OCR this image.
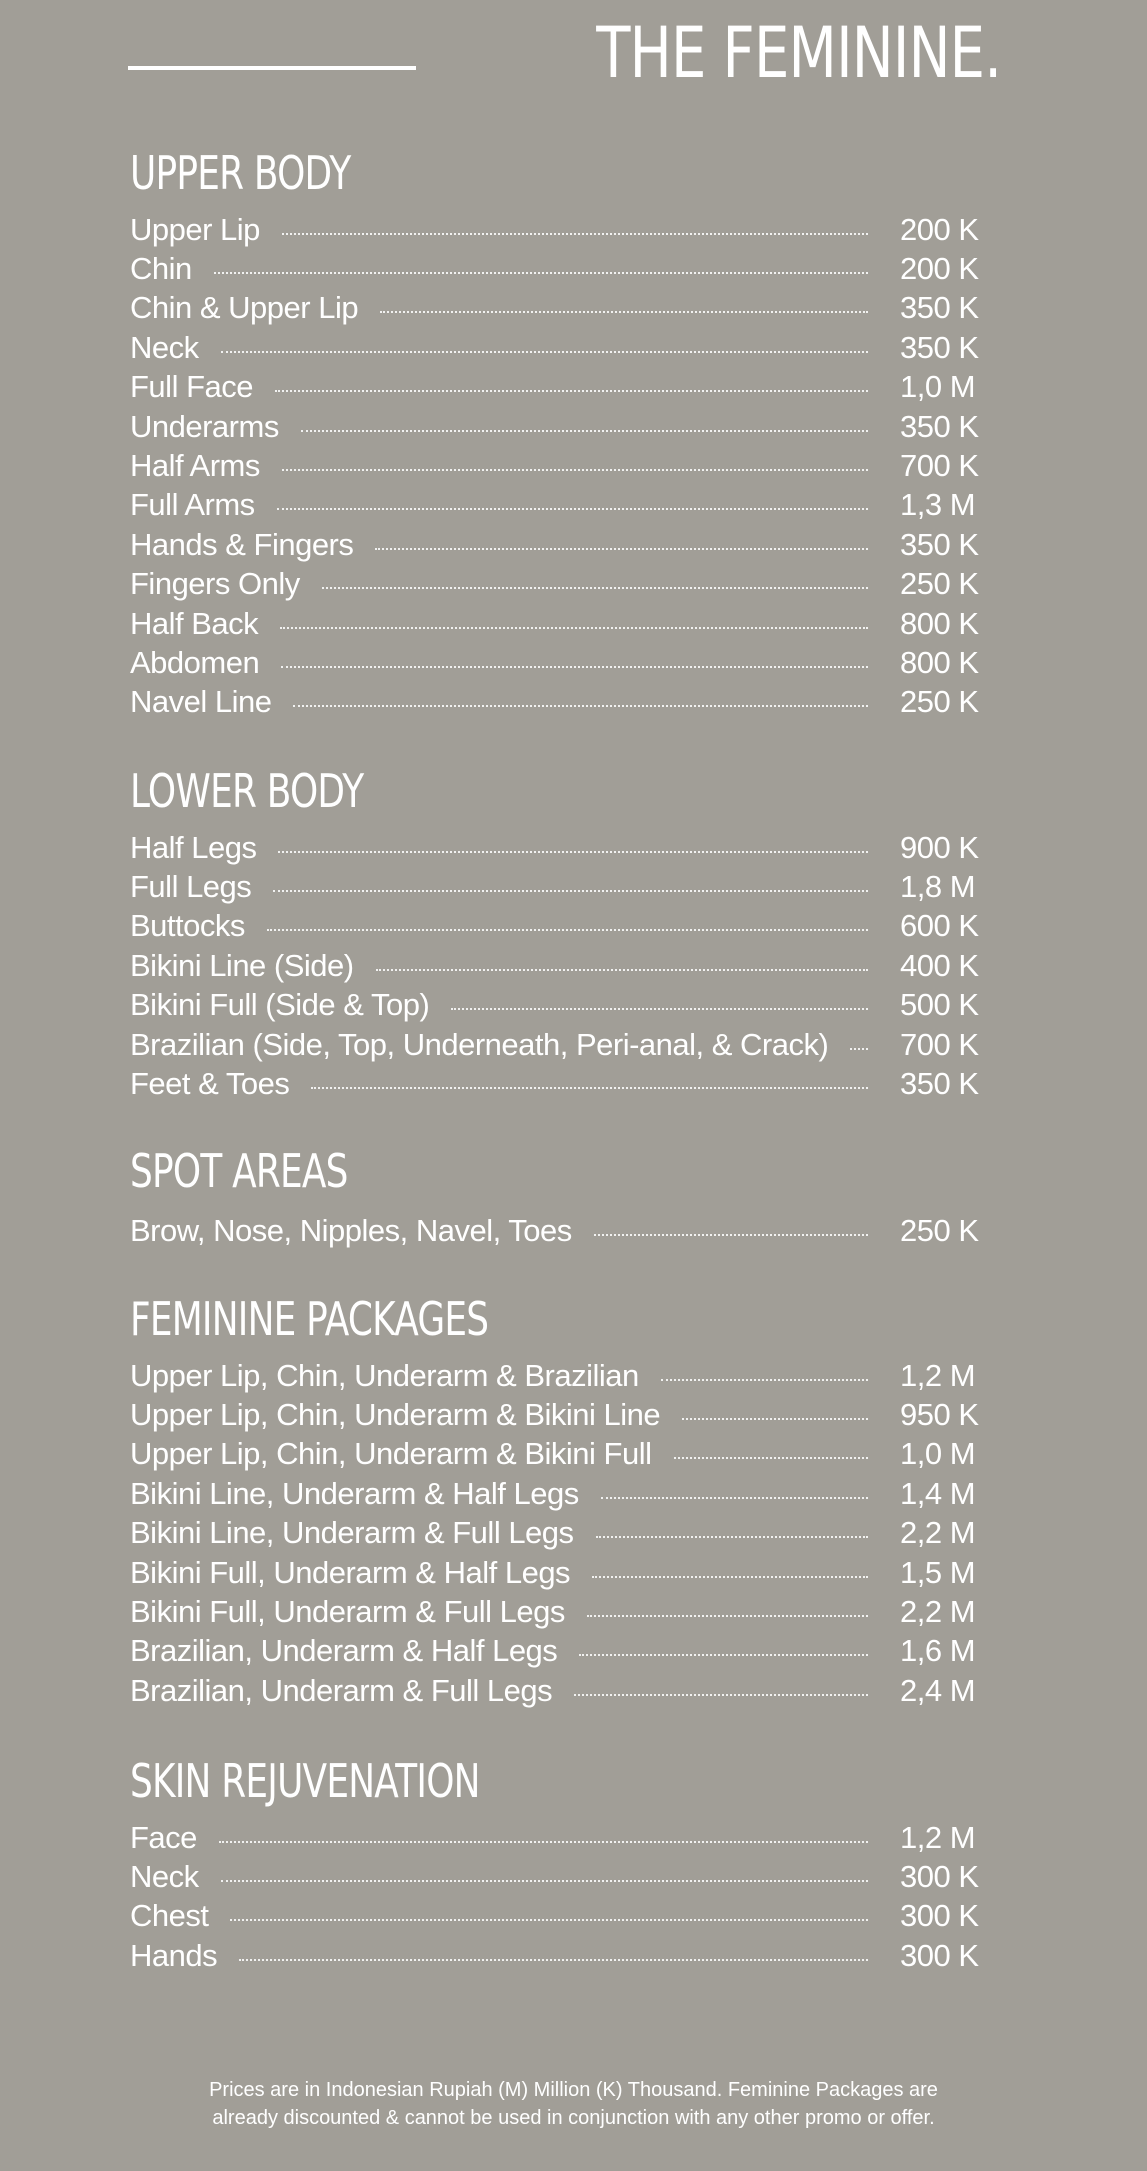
THE FEMININE.
UPPER BODY
Upper Lip	200 K
Chin	200 K
Chin & Upper Lip	350 K
Neck	350 K
Full Face	1,0 M
Underarms	350 K
Half Arms	700 K
Full Arms	1,3 M
Hands & Fingers	350 K
Fingers Only	250 K
Half Back	800 K
Abdomen	800 K
Navel Line	250 K
LOWER BODY
Half Legs	900 K
Full Legs	1,8 M
Buttocks	600 K
Bikini Line (Side)	400 K
Bikini Full (Side & Top)	500 K
Brazilian (Side, Top, Underneath, Peri-anal, & Crack) 700 K
Feet & Toes	350 K
SPOT AREAS
Brow, Nose, Nipples, Navel, Toes	250 K
FEMININE PACKAGES
Upper Lip, Chin, Underarm & Brazilian	1,2 M
Upper Lip, Chin, Underarm & Bikini Line	950 K
Upper Lip, Chin, Underarm & Bikini Full	1,0 M
Bikini Line, Underarm & Half Legs	1,4 M
Bikini Line, Underarm & Full Legs	2,2 M
Bikini Full, Underarm & Half Legs	1,5 M
Bikini Full, Underarm & Full Legs	2,2 M
Brazilian, Underarm & Half Legs	1,6 M
Brazilian, Underarm & Full Legs	2,4 M
SKIN REJUVENATION
Face	1,2 M
Neck	300 K
Chest	300 K
Hands	300 K
Prices are in Indonesian Rupiah (M) Million (K) Thousand. Feminine Packages are
already discounted & cannot be used in conjunction with any other promo or offer.
